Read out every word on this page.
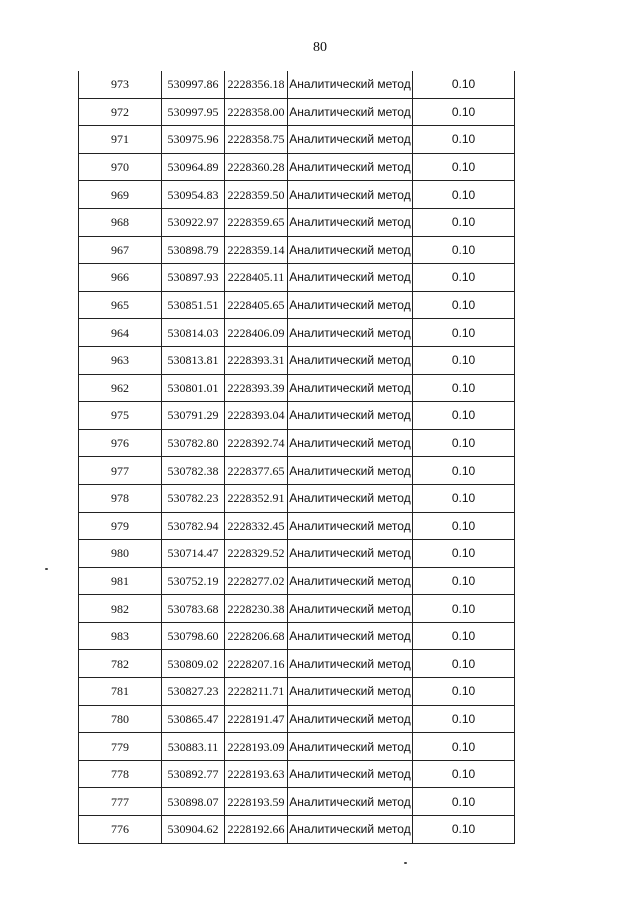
80
973	530997.86	2228356.18	Аналитический метод	0.10
972	530997.95	2228358.00	Аналитический метод	0.10
971	530975.96	2228358.75	Аналитический метод	0.10
970	530964.89	2228360.28	Аналитический метод	0.10
969	530954.83	2228359.50	Аналитический метод	0.10
968	530922.97	2228359.65	Аналитический метод	0.10
967	530898.79	2228359.14	Аналитический метод	0.10
966	530897.93	2228405.11	Аналитический метод	0.10
965	530851.51	2228405.65	Аналитический метод	0.10
964	530814.03	2228406.09	Аналитический метод	0.10
963	530813.81	2228393.31	Аналитический метод	0.10
962	530801.01	2228393.39	Аналитический метод	0.10
975	530791.29	2228393.04	Аналитический метод	0.10
976	530782.80	2228392.74	Аналитический метод	0.10
977	530782.38	2228377.65	Аналитический метод	0.10
978	530782.23	2228352.91	Аналитический метод	0.10
979	530782.94	2228332.45	Аналитический метод	0.10
980	530714.47	2228329.52	Аналитический метод	0.10
981	530752.19	2228277.02	Аналитический метод	0.10
982	530783.68	2228230.38	Аналитический метод	0.10
983	530798.60	2228206.68	Аналитический метод	0.10
782	530809.02	2228207.16	Аналитический метод	0.10
781	530827.23	2228211.71	Аналитический метод	0.10
780	530865.47	2228191.47	Аналитический метод	0.10
779	530883.11	2228193.09	Аналитический метод	0.10
778	530892.77	2228193.63	Аналитический метод	0.10
777	530898.07	2228193.59	Аналитический метод	0.10
776	530904.62	2228192.66	Аналитический метод	0.10
